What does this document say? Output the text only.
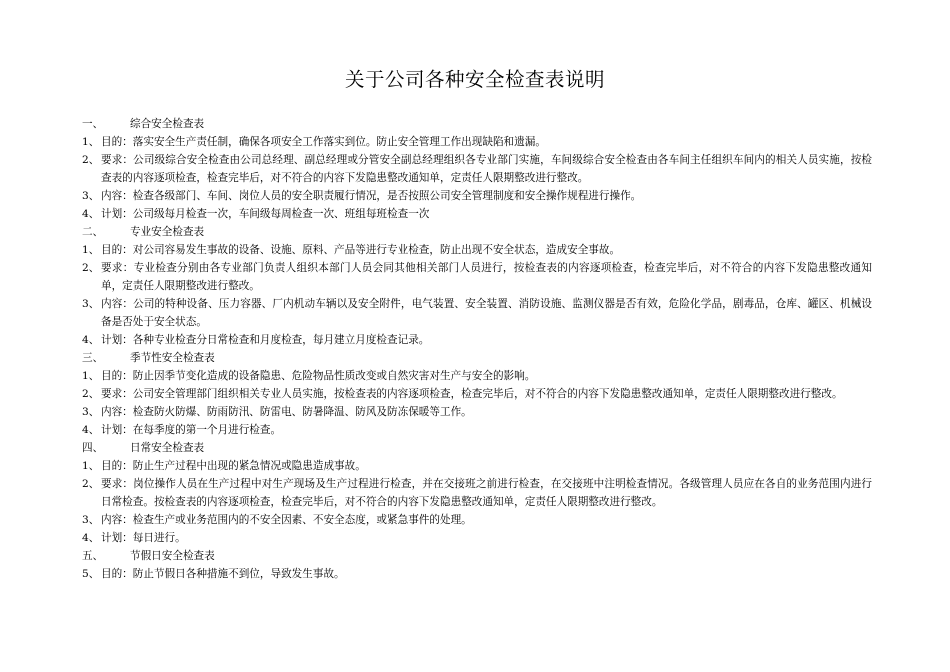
关于公司各种安全检查表说明
一、	综合安全检查表
1、 目的：落实安全生产责任制，确保各项安全工作落实到位。防止安全管理工作出现缺陷和遗漏。
2、 要求：公司级综合安全检查由公司总经理、副总经理或分管安全副总经理组织各专业部门实施，车间级综合安全检查由各车间主任组织车间内的相关人员实施，按检查表的内容逐项检查，检查完毕后，对不符合的内容下发隐患整改通知单，定责任人限期整改进行整改。
3、 内容：检查各级部门、车间、岗位人员的安全职责履行情况，是否按照公司安全管理制度和安全操作规程进行操作。
4、 计划：公司级每月检查一次，车间级每周检查一次、班组每班检查一次
二、	专业安全检查表
1、 目的：对公司容易发生事故的设备、设施、原料、产品等进行专业检查，防止出现不安全状态，造成安全事故。
2、 要求：专业检查分别由各专业部门负责人组织本部门人员会同其他相关部门人员进行，按检查表的内容逐项检查，检查完毕后，对不符合的内容下发隐患整改通知单，定责任人限期整改进行整改。
3、 内容：公司的特种设备、压力容器、厂内机动车辆以及安全附件，电气装置、安全装置、消防设施、监测仪器是否有效，危险化学品，剧毒品，仓库、罐区、机械设备是否处于安全状态。
4、 计划：各种专业检查分日常检查和月度检查，每月建立月度检查记录。
三、	季节性安全检查表
1、 目的：防止因季节变化造成的设备隐患、危险物品性质改变或自然灾害对生产与安全的影响。
2、 要求：公司安全管理部门组织相关专业人员实施，按检查表的内容逐项检查，检查完毕后，对不符合的内容下发隐患整改通知单，定责任人限期整改进行整改。
3、 内容：检查防火防爆、防雨防汛、防雷电、防暑降温、防风及防冻保暖等工作。
4、 计划：在每季度的第一个月进行检查。
四、	日常安全检查表
1、 目的：防止生产过程中出现的紧急情况或隐患造成事故。
2、 要求：岗位操作人员在生产过程中对生产现场及生产过程进行检查，并在交接班之前进行检查，在交接班中注明检查情况。各级管理人员应在各自的业务范围内进行日常检查。按检查表的内容逐项检查，检查完毕后，对不符合的内容下发隐患整改通知单，定责任人限期整改进行整改。
3、 内容：检查生产或业务范围内的不安全因素、不安全态度，或紧急事件的处理。
4、 计划：每日进行。
五、	节假日安全检查表
5、 目的：防止节假日各种措施不到位，导致发生事故。
